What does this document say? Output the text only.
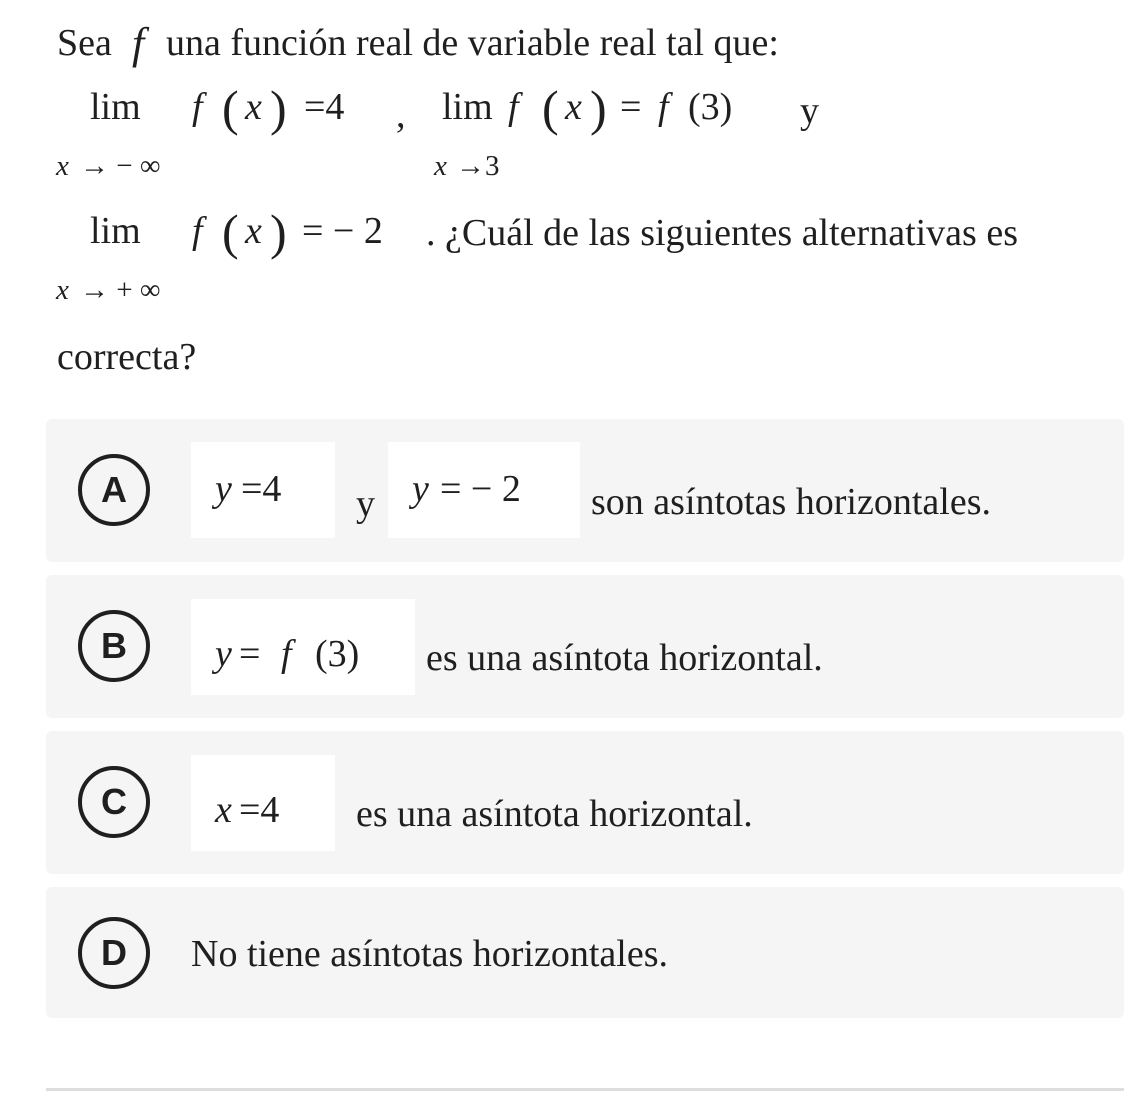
Sea f una función real de variable real tal que:
lim f ( x ) =4
x → − ∞
, lim f ( x ) = f (3)
x →3
y
lim f ( x ) = − 2
x → + ∞
. ¿Cuál de las siguientes alternativas es
correcta?
A	y =4 y y = − 2 son asíntotas horizontales.
B	y = f (3) es una asíntota horizontal.
C	x =4 es una asíntota horizontal.
D	No tiene asíntotas horizontales.
